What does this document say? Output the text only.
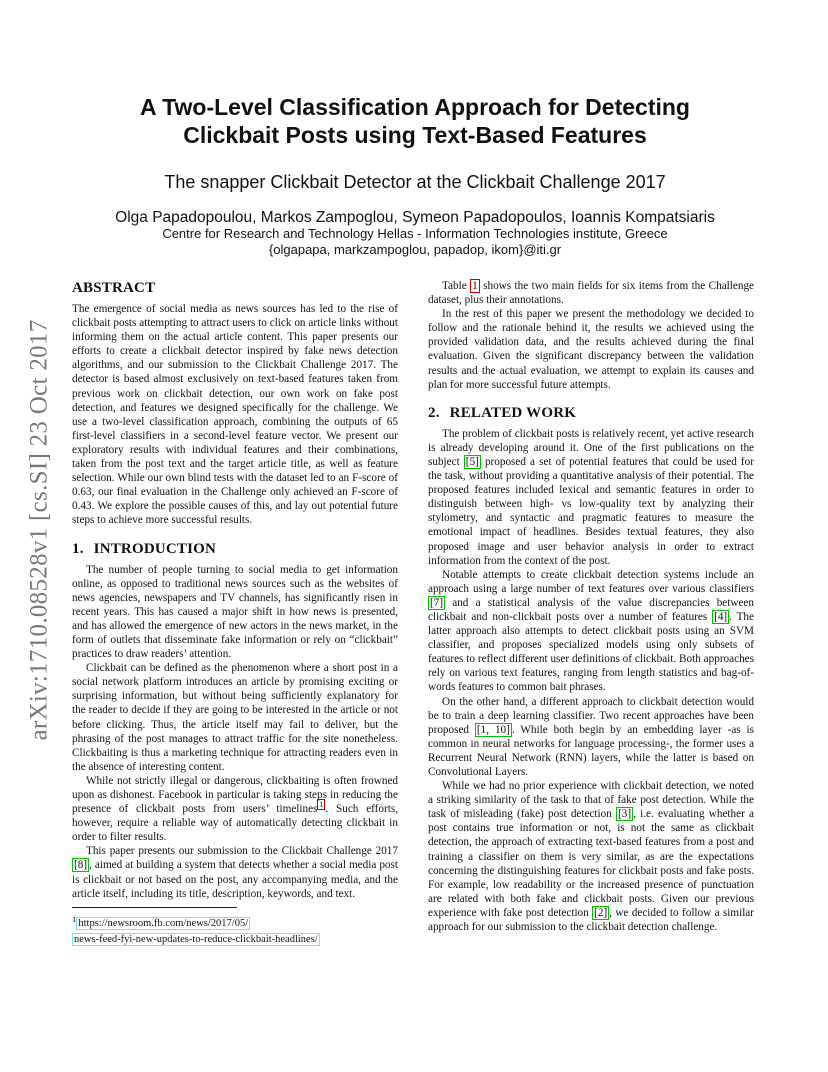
arXiv:1710.08528v1 [cs.SI] 23 Oct 2017
A Two-Level Classification Approach for Detecting
Clickbait Posts using Text-Based Features
The snapper Clickbait Detector at the Clickbait Challenge 2017
Olga Papadopoulou, Markos Zampoglou, Symeon Papadopoulos, Ioannis Kompatsiaris
Centre for Research and Technology Hellas - Information Technologies institute, Greece
{olgapapa, markzampoglou, papadop, ikom}@iti.gr
ABSTRACT

The emergence of social media as news sources has led to the rise of clickbait posts attempting to attract users to click on article links without informing them on the actual article content. This paper presents our efforts to create a clickbait detector inspired by fake news detection algorithms, and our submission to the Clickbait Challenge 2017. The detector is based almost exclusively on text-based features taken from previous work on clickbait detection, our own work on fake post detection, and features we designed specifically for the challenge. We use a two-level classification approach, combining the outputs of 65 first-level classifiers in a second-level feature vector. We present our exploratory results with individual features and their combinations, taken from the post text and the target article title, as well as feature selection. While our own blind tests with the dataset led to an F-score of 0.63, our final evaluation in the Challenge only achieved an F-score of 0.43. We explore the possible causes of this, and lay out potential future steps to achieve more successful results.

1. INTRODUCTION

The number of people turning to social media to get information online, as opposed to traditional news sources such as the websites of news agencies, newspapers and TV channels, has significantly risen in recent years. This has caused a major shift in how news is presented, and has allowed the emergence of new actors in the news market, in the form of outlets that disseminate fake information or rely on “clickbait” practices to draw readers’ attention.

Clickbait can be defined as the phenomenon where a short post in a social network platform introduces an article by promising exciting or surprising information, but without being sufficiently explanatory for the reader to decide if they are going to be interested in the article or not before clicking. Thus, the article itself may fail to deliver, but the phrasing of the post manages to attract traffic for the site nonetheless. Clickbaiting is thus a marketing technique for attracting readers even in the absence of interesting content.

While not strictly illegal or dangerous, clickbaiting is often frowned upon as dishonest. Facebook in particular is taking steps in reducing the presence of clickbait posts from users’ timelines $^1$ . Such efforts, however, require a reliable way of automatically detecting clickbait in order to filter results.

This paper presents our submission to the Clickbait Challenge 2017 [8] , aimed at building a system that detects whether a social media post is clickbait or not based on the post, any accompanying media, and the article itself, including its title, description, keywords, and text.

$^1$ https://newsroom.fb.com/news/2017/05/
news-feed-fyi-new-updates-to-reduce-clickbait-headlines/

Table 1 shows the two main fields for six items from the Challenge dataset, plus their annotations.

In the rest of this paper we present the methodology we decided to follow and the rationale behind it, the results we achieved using the provided validation data, and the results achieved during the final evaluation. Given the significant discrepancy between the validation results and the actual evaluation, we attempt to explain its causes and plan for more successful future attempts.

2. RELATED WORK

The problem of clickbait posts is relatively recent, yet active research is already developing around it. One of the first publications on the subject [5] proposed a set of potential features that could be used for the task, without providing a quantitative analysis of their potential. The proposed features included lexical and semantic features in order to distinguish between high- vs low-quality text by analyzing their stylometry, and syntactic and pragmatic features to measure the emotional impact of headlines. Besides textual features, they also proposed image and user behavior analysis in order to extract information from the context of the post.

Notable attempts to create clickbait detection systems include an approach using a large number of text features over various classifiers [7] and a statistical analysis of the value discrepancies between clickbait and non-clickbait posts over a number of features [4] . The latter approach also attempts to detect clickbait posts using an SVM classifier, and proposes specialized models using only subsets of features to reflect different user definitions of clickbait. Both approaches rely on various text features, ranging from length statistics and bag-of-words features to common bait phrases.

On the other hand, a different approach to clickbait detection would be to train a deep learning classifier. Two recent approaches have been proposed [1, 10] . While both begin by an embedding layer -as is common in neural networks for language processing-, the former uses a Recurrent Neural Network (RNN) layers, while the latter is based on Convolutional Layers.

While we had no prior experience with clickbait detection, we noted a striking similarity of the task to that of fake post detection. While the task of misleading (fake) post detection [3] , i.e. evaluating whether a post contains true information or not, is not the same as clickbait detection, the approach of extracting text-based features from a post and training a classifier on them is very similar, as are the expectations concerning the distinguishing features for clickbait posts and fake posts. For example, low readability or the increased presence of punctuation are related with both fake and clickbait posts. Given our previous experience with fake post detection [2] , we decided to follow a similar approach for our submission to the clickbait detection challenge.
